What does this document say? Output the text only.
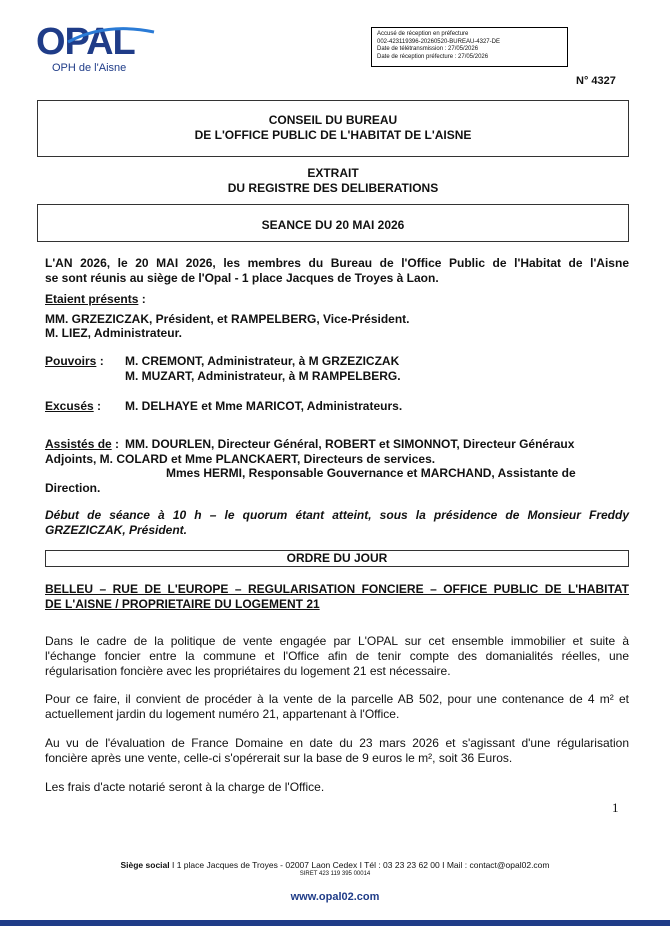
OPAL
OPH de l'Aisne
Accusé de réception en préfecture
002-423119396-20260520-BUREAU-4327-DE
Date de télétransmission : 27/05/2026
Date de réception préfecture : 27/05/2026
N° 4327
CONSEIL DU BUREAU
DE L'OFFICE PUBLIC DE L'HABITAT DE L'AISNE
EXTRAIT
DU REGISTRE DES DELIBERATIONS
SEANCE DU 20 MAI 2026
L'AN 2026, le 20 MAI 2026, les membres du Bureau de l'Office Public de l'Habitat de l'Aisne
se sont réunis au siège de l'Opal - 1 place Jacques de Troyes à Laon.
Etaient présents :
MM. GRZEZICZAK, Président, et RAMPELBERG, Vice-Président.
M. LIEZ, Administrateur.
Pouvoirs : M. CREMONT, Administrateur, à M GRZEZICZAK
M. MUZART, Administrateur, à M RAMPELBERG.
Excusés : M. DELHAYE et Mme MARICOT, Administrateurs.
Assistés de : MM. DOURLEN, Directeur Général, ROBERT et SIMONNOT, Directeur Généraux
Adjoints, M. COLARD et Mme PLANCKAERT, Directeurs de services.
Mmes HERMI, Responsable Gouvernance et MARCHAND, Assistante de
Direction.
Début de séance à 10 h – le quorum étant atteint, sous la présidence de Monsieur Freddy
GRZEZICZAK, Président.
ORDRE DU JOUR
BELLEU – RUE DE L'EUROPE – REGULARISATION FONCIERE – OFFICE PUBLIC DE L'HABITAT
DE L'AISNE / PROPRIETAIRE DU LOGEMENT 21
Dans le cadre de la politique de vente engagée par L'OPAL sur cet ensemble immobilier et suite à
l'échange foncier entre la commune et l'Office afin de tenir compte des domanialités réelles, une
régularisation foncière avec les propriétaires du logement 21 est nécessaire.
Pour ce faire, il convient de procéder à la vente de la parcelle AB 502, pour une contenance de 4 m² et
actuellement jardin du logement numéro 21, appartenant à l'Office.
Au vu de l'évaluation de France Domaine en date du 23 mars 2026 et s'agissant d'une régularisation
foncière après une vente, celle-ci s'opérerait sur la base de 9 euros le m², soit 36 Euros.
Les frais d'acte notarié seront à la charge de l'Office.
1
Siège social I 1 place Jacques de Troyes - 02007 Laon Cedex I Tél : 03 23 23 62 00 I Mail : contact@opal02.com
SIRET 423 119 395 00014
www.opal02.com
